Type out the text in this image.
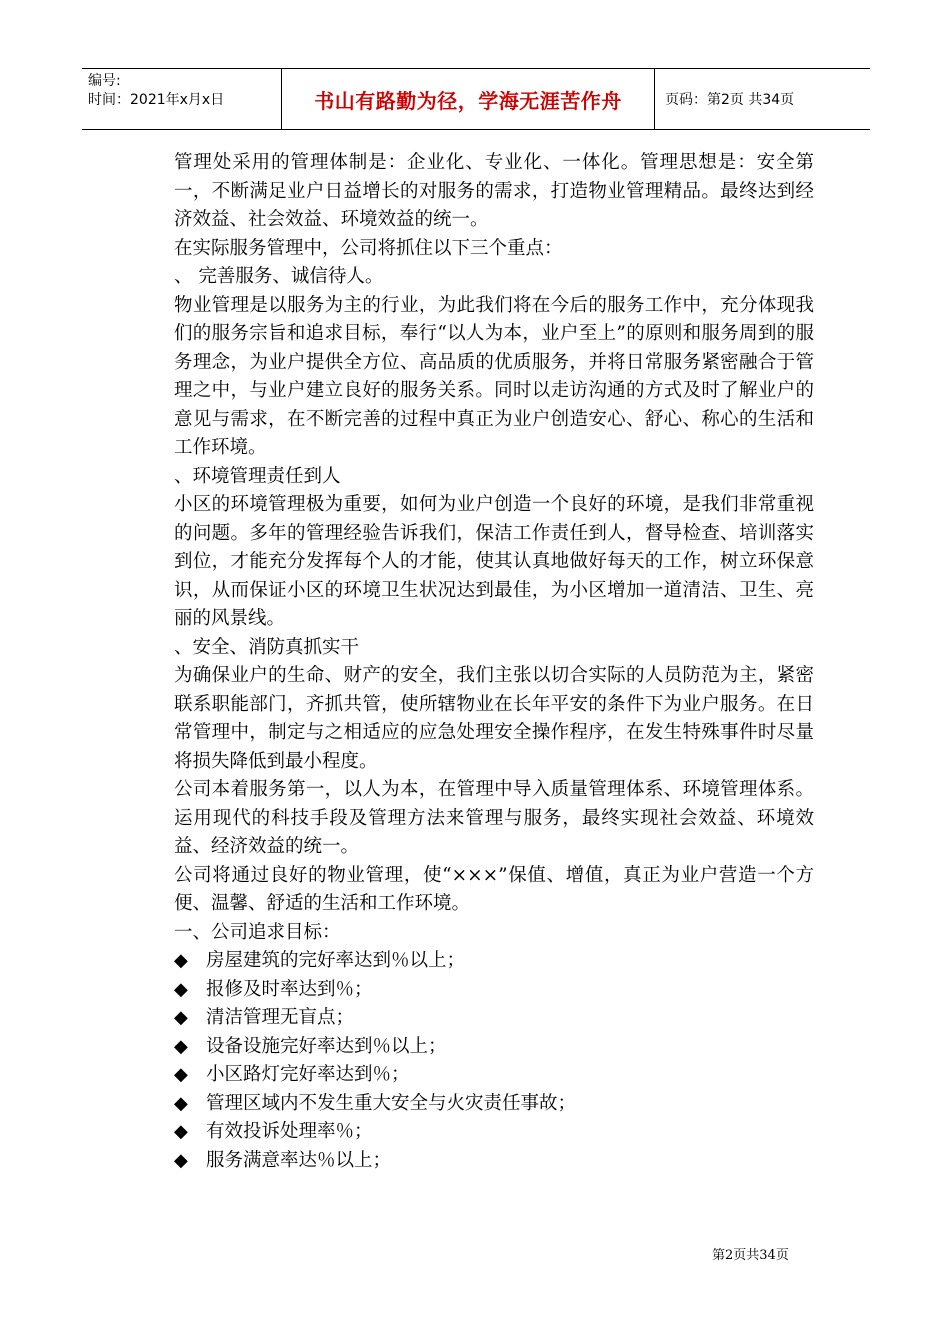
编号:
时间：2021年x月x日	书山有路勤为径，学海无涯苦作舟	页码：第2页 共34页

管理处采用的管理体制是：企业化、专业化、一体化。管理思想是：安全第一，不断满足业户日益增长的对服务的需求，打造物业管理精品。最终达到经济效益、社会效益、环境效益的统一。

在实际服务管理中，公司将抓住以下三个重点：

、 完善服务、诚信待人。

物业管理是以服务为主的行业，为此我们将在今后的服务工作中，充分体现我们的服务宗旨和追求目标，奉行“以人为本，业户至上”的原则和服务周到的服务理念，为业户提供全方位、高品质的优质服务，并将日常服务紧密融合于管理之中，与业户建立良好的服务关系。同时以走访沟通的方式及时了解业户的意见与需求，在不断完善的过程中真正为业户创造安心、舒心、称心的生活和工作环境。

、环境管理责任到人

小区的环境管理极为重要，如何为业户创造一个良好的环境，是我们非常重视的问题。多年的管理经验告诉我们，保洁工作责任到人，督导检查、培训落实到位，才能充分发挥每个人的才能，使其认真地做好每天的工作，树立环保意识，从而保证小区的环境卫生状况达到最佳，为小区增加一道清洁、卫生、亮丽的风景线。

、安全、消防真抓实干

为确保业户的生命、财产的安全，我们主张以切合实际的人员防范为主，紧密联系职能部门，齐抓共管，使所辖物业在长年平安的条件下为业户服务。在日常管理中，制定与之相适应的应急处理安全操作程序，在发生特殊事件时尽量将损失降低到最小程度。

公司本着服务第一，以人为本，在管理中导入质量管理体系、环境管理体系。运用现代的科技手段及管理方法来管理与服务，最终实现社会效益、环境效益、经济效益的统一。

公司将通过良好的物业管理，使“×××”保值、增值，真正为业户营造一个方便、温馨、舒适的生活和工作环境。

一、公司追求目标：

◆ 房屋建筑的完好率达到％以上；
◆ 报修及时率达到％；
◆ 清洁管理无盲点；
◆ 设备设施完好率达到％以上；
◆ 小区路灯完好率达到％；
◆ 管理区域内不发生重大安全与火灾责任事故；
◆ 有效投诉处理率％；
◆ 服务满意率达％以上；
第2页共34页
